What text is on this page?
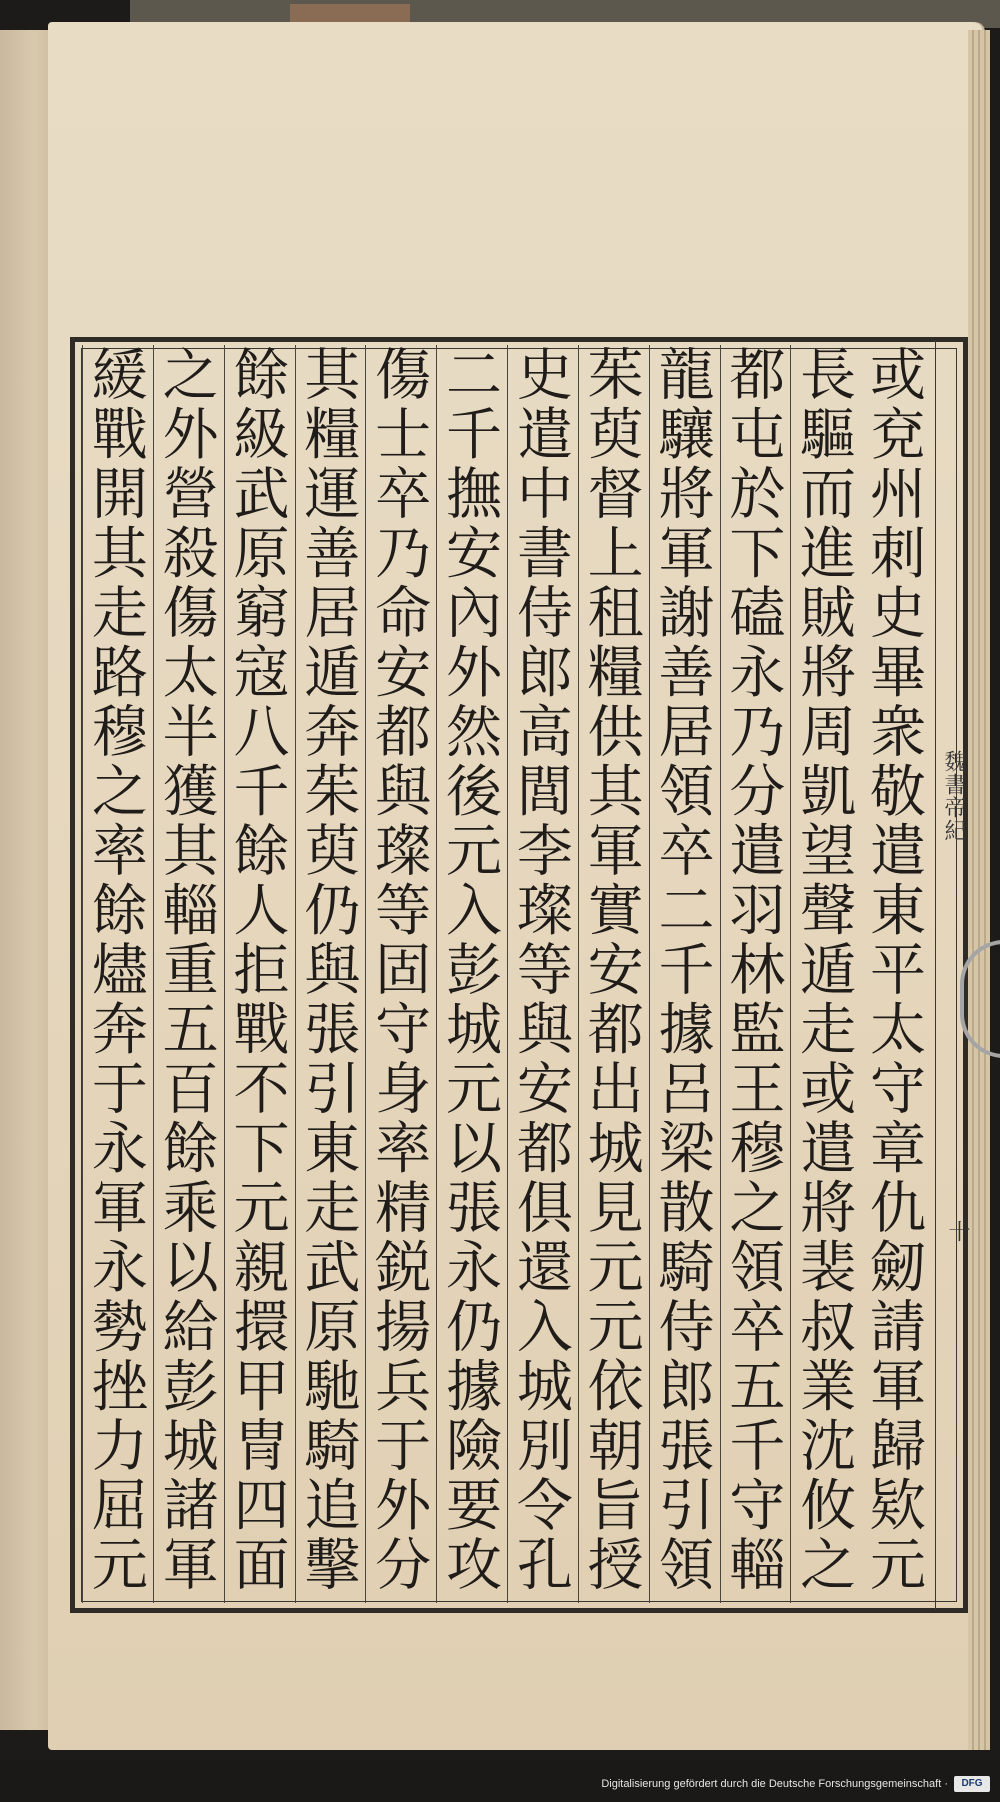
魏書帝紀
十
或兗州刺史畢衆敬遣東平太守章仇劒請軍歸欵元
長驅而進賊將周凱望聲遁走或遣將裴叔業沈攸之
都屯於下磕永乃分遣羽林監王穆之領卒五千守輜
龍驤將軍謝善居領卒二千據呂梁散騎侍郎張引領
茱萸督上租糧供其軍實安都出城見元元依朝旨授
史遣中書侍郎高閭李璨等與安都俱還入城別令孔
二千撫安內外然後元入彭城元以張永仍據險要攻
傷士卒乃命安都與璨等固守身率精鋭揚兵于外分
其糧運善居遁奔茱萸仍與張引東走武原馳騎追擊
餘級武原窮寇八千餘人拒戰不下元親擐甲冑四面
之外營殺傷太半獲其輜重五百餘乘以給彭城諸軍
緩戰開其走路穆之率餘燼奔于永軍永勢挫力屈元
Digitalisierung gefördert durch die Deutsche Forschungsgemeinschaft ·	DFG
